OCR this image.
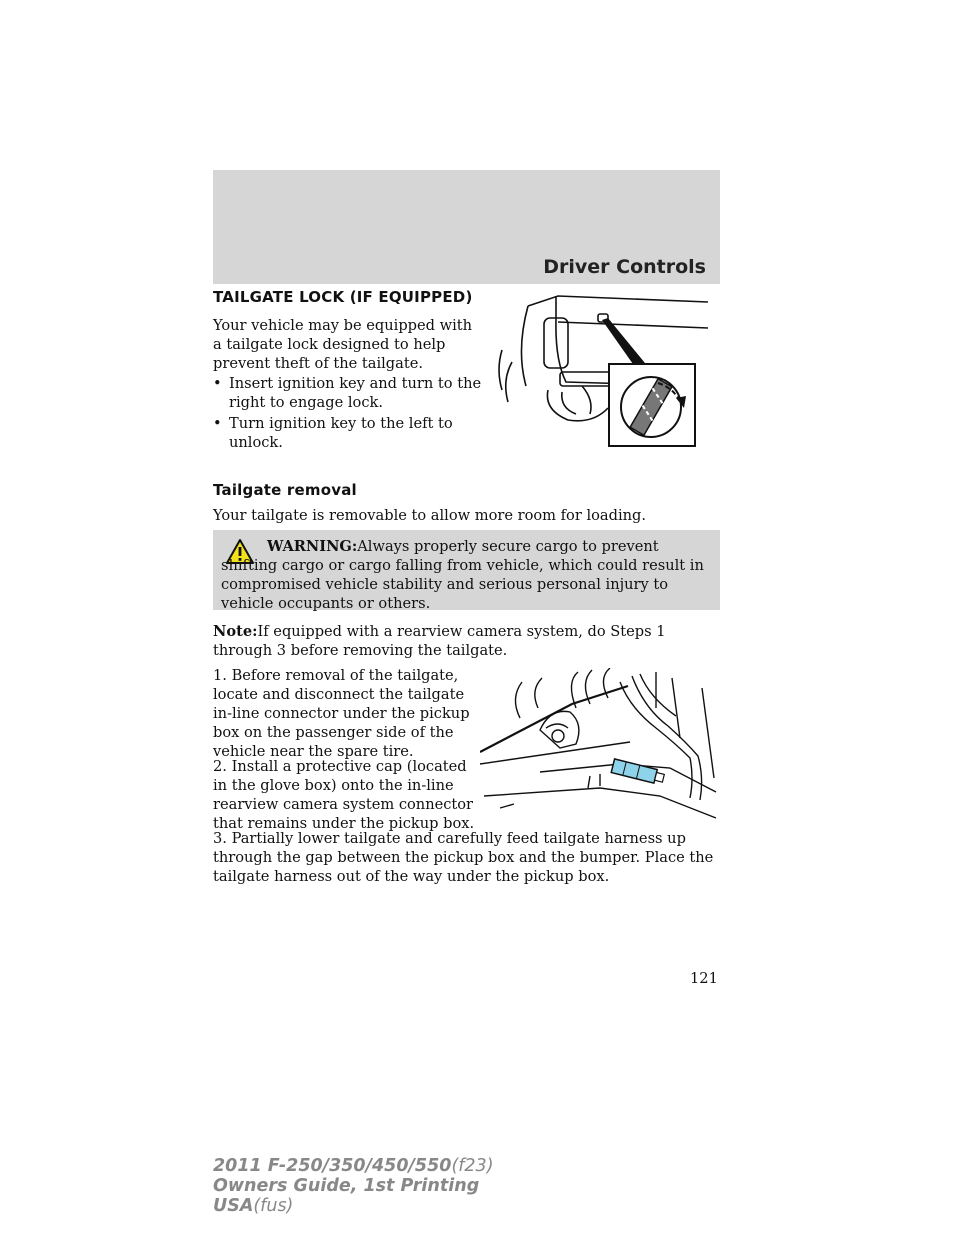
Driver Controls
TAILGATE LOCK (IF EQUIPPED)
Your vehicle may be equipped with a tailgate lock designed to help prevent theft of the tailgate.
• Insert ignition key and turn to the right to engage lock.
• Turn ignition key to the left to unlock.
Tailgate removal
Your tailgate is removable to allow more room for loading.
WARNING:Always properly secure cargo to prevent shifting cargo or cargo falling from vehicle, which could result in compromised vehicle stability and serious personal injury to vehicle occupants or others.
Note:If equipped with a rearview camera system, do Steps 1 through 3 before removing the tailgate.
1. Before removal of the tailgate, locate and disconnect the tailgate in-line connector under the pickup box on the passenger side of the vehicle near the spare tire.
2. Install a protective cap (located in the glove box) onto the in-line rearview camera system connector that remains under the pickup box.
3. Partially lower tailgate and carefully feed tailgate harness up through the gap between the pickup box and the bumper. Place the tailgate harness out of the way under the pickup box.
121
2011 F-250/350/450/550(f23)
Owners Guide, 1st Printing
USA(fus)
